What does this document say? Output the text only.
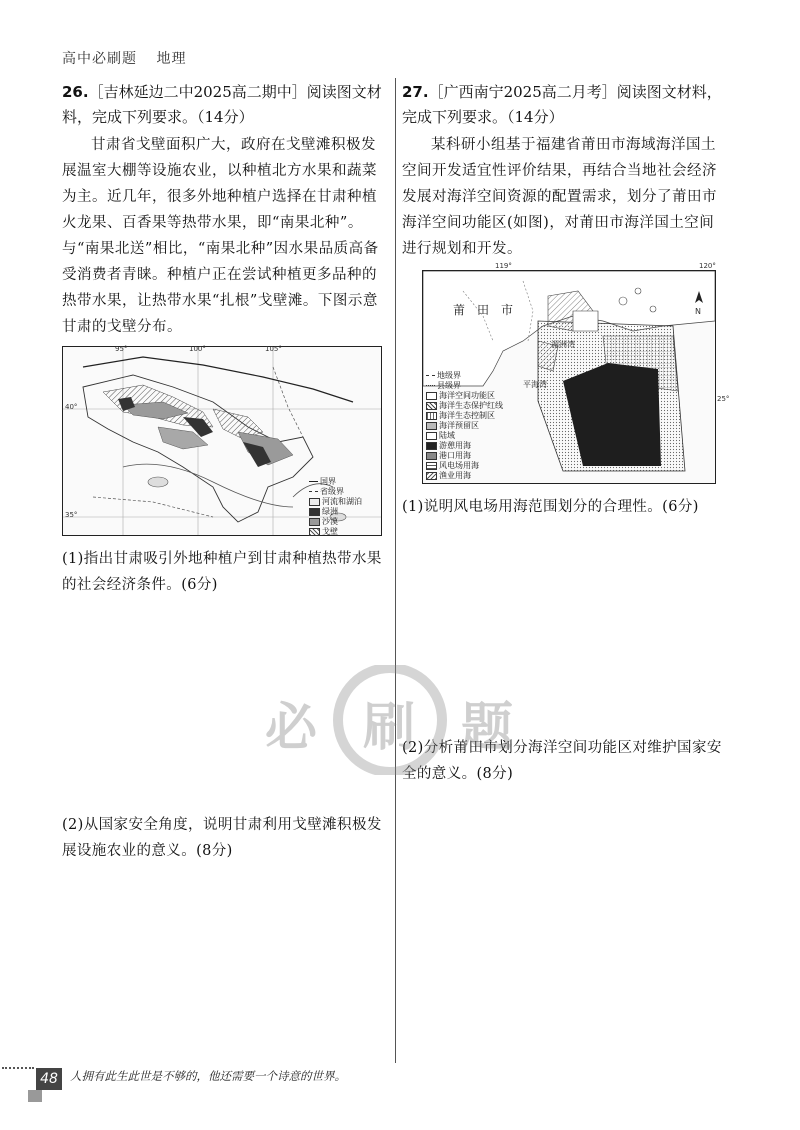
高中必刷题 地理

26.［吉林延边二中2025高二期中］阅读图文材料，完成下列要求。（14分）

甘肃省戈壁面积广大，政府在戈壁滩积极发展温室大棚等设施农业，以种植北方水果和蔬菜为主。近几年，很多外地种植户选择在甘肃种植火龙果、百香果等热带水果，即“南果北种”。与“南果北送”相比，“南果北种”因水果品质高备受消费者青睐。种植户正在尝试种植更多品种的热带水果，让热带水果“扎根”戈壁滩。下图示意甘肃的戈壁分布。

95°	100°	105°
40°
35°
国界
省级界
河流和湖泊
绿洲
沙漠
戈壁

(1)指出甘肃吸引外地种植户到甘肃种植热带水果的社会经济条件。(6分)

(2)从国家安全角度，说明甘肃利用戈壁滩积极发展设施农业的意义。(8分)

27.［广西南宁2025高二月考］阅读图文材料，完成下列要求。（14分）

某科研小组基于福建省莆田市海域海洋国土空间开发适宜性评价结果，再结合当地社会经济发展对海洋空间资源的配置需求，划分了莆田市海洋空间功能区(如图)，对莆田市海洋国土空间进行规划和开发。

119°	120°
25°
莆　田　市
湄洲湾
平海湾
N
地级界
县级界
海洋空间功能区
海洋生态保护红线
海洋生态控制区
海洋预留区
陆域
游憩用海
港口用海
风电场用海
渔业用海

(1)说明风电场用海范围划分的合理性。(6分)

(2)分析莆田市划分海洋空间功能区对维护国家安全的意义。(8分)

必 刷 题
48	人拥有此生此世是不够的，他还需要一个诗意的世界。
